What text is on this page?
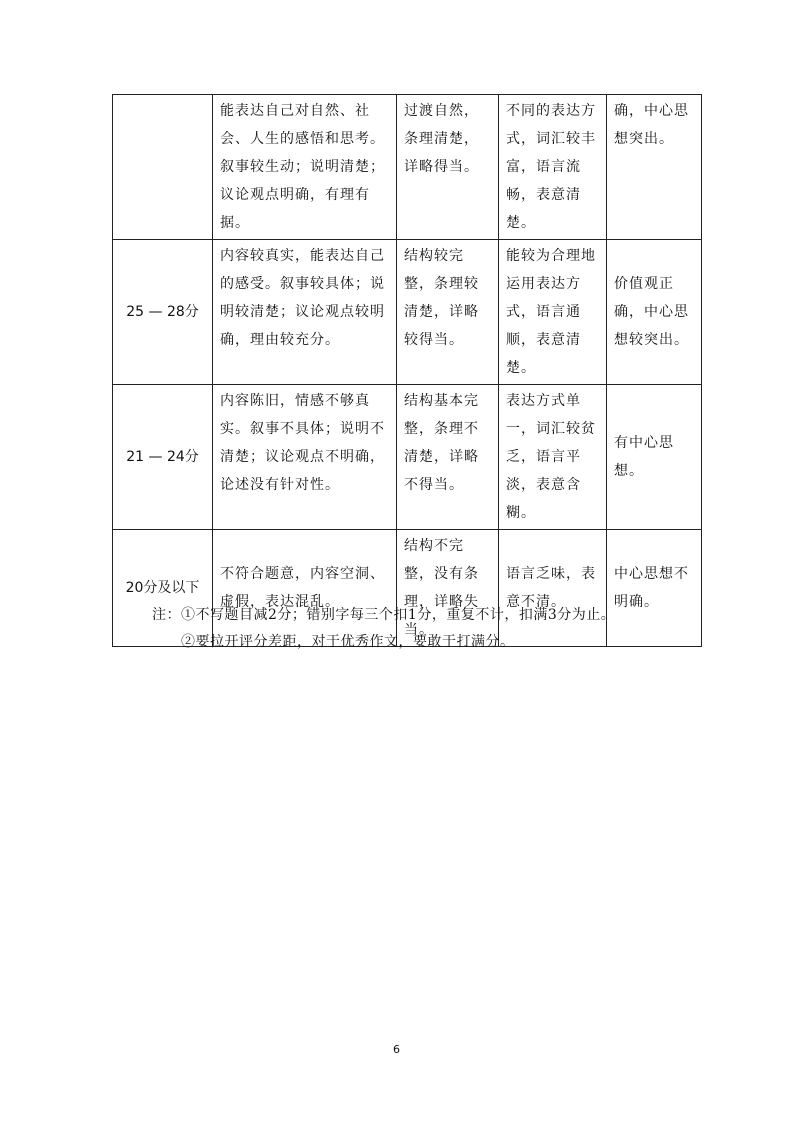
	能表达自己对自然、社会、人生的感悟和思考。叙事较生动；说明清楚；议论观点明确，有理有据。	过渡自然，条理清楚，详略得当。	不同的表达方式，词汇较丰富，语言流畅，表意清楚。	确，中心思想突出。
25 — 28分	内容较真实，能表达自己的感受。叙事较具体；说明较清楚；议论观点较明确，理由较充分。	结构较完整，条理较清楚，详略较得当。	能较为合理地运用表达方式，语言通顺，表意清楚。	价值观正确，中心思想较突出。
21 — 24分	内容陈旧，情感不够真实。叙事不具体；说明不清楚；议论观点不明确，论述没有针对性。	结构基本完整，条理不清楚，详略不得当。	表达方式单一，词汇较贫乏，语言平淡，表意含糊。	有中心思想。
20分及以下	不符合题意，内容空洞、虚假，表达混乱。	结构不完整，没有条理，详略失当。	语言乏味，表意不清。	中心思想不明确。
注：①不写题目减2分；错别字每三个扣1分，重复不计，扣满3分为止。
②要拉开评分差距，对于优秀作文，要敢于打满分。
6
